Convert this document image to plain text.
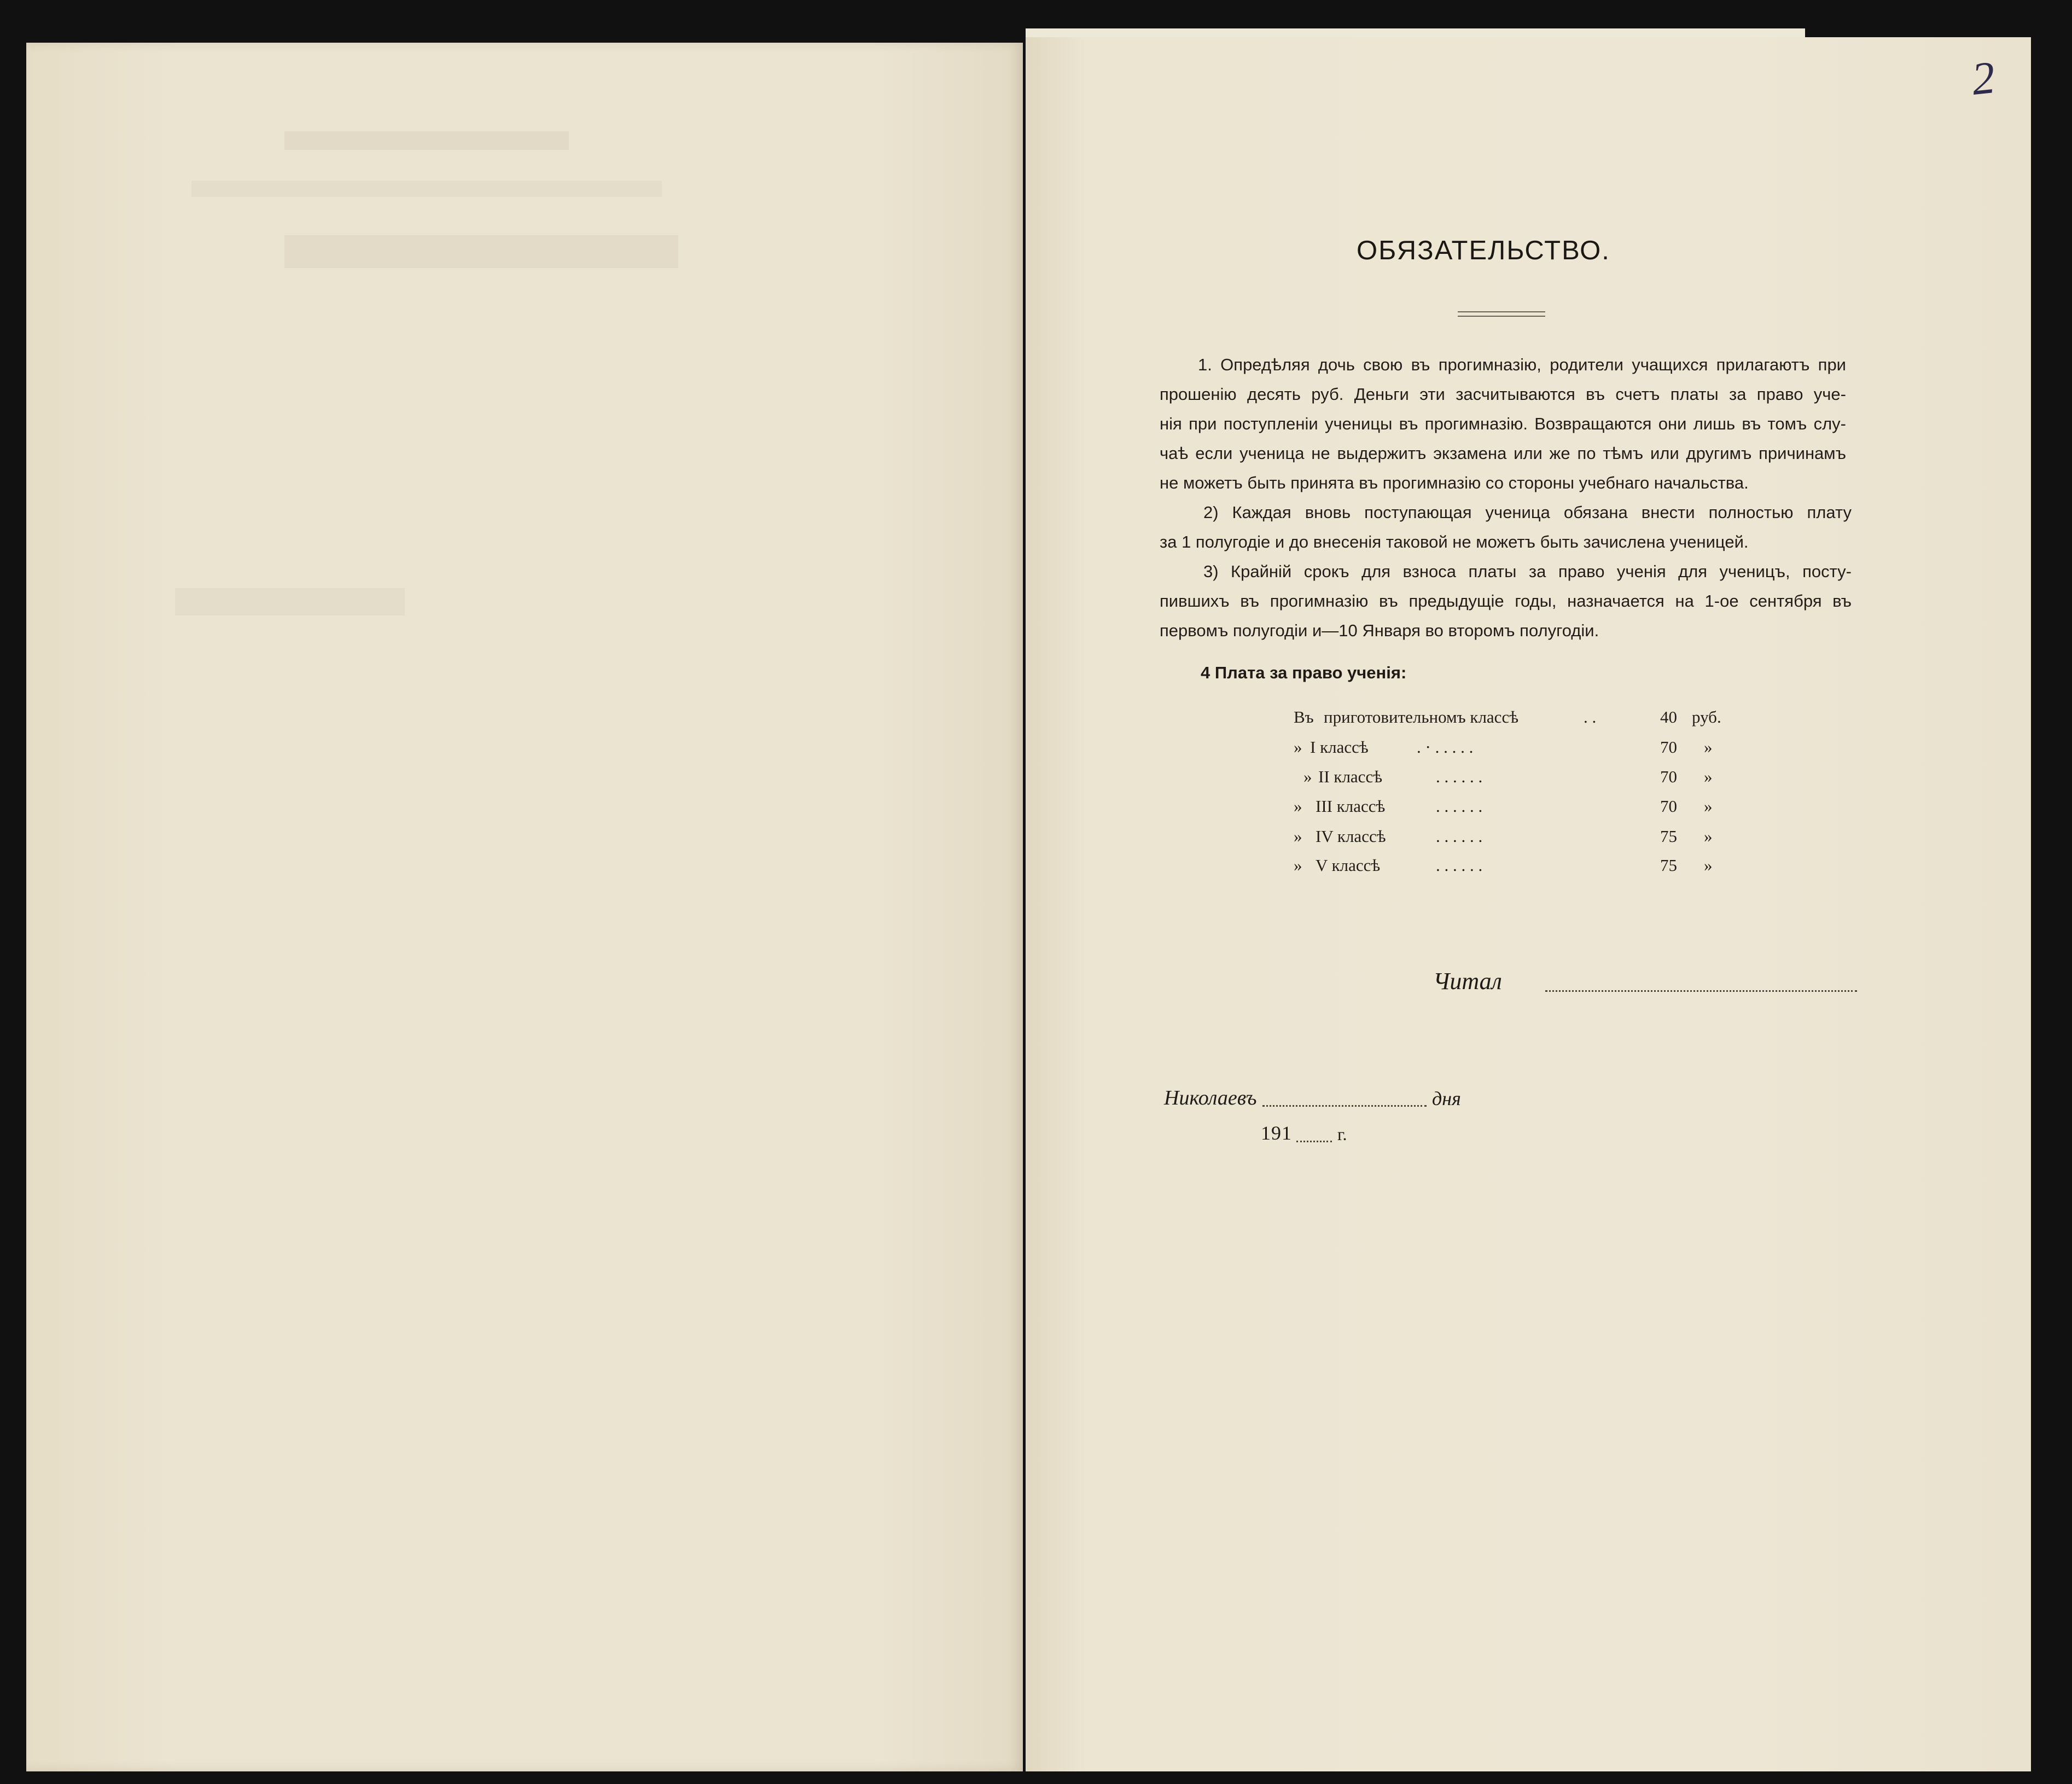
2
ОБЯЗАТЕЛЬСТВО.
1. Опредѣляя дочь свою въ прогимназію, родители учащихся прилагаютъ при
прошенію десять руб. Деньги эти засчитываются въ счетъ платы за право уче-
нія при поступленіи ученицы въ прогимназію. Возвращаются они лишь въ томъ слу-
чаѣ если ученица не выдержитъ экзамена или же по тѣмъ или другимъ причинамъ
не можетъ быть принята въ прогимназію со стороны учебнаго начальства.
2) Каждая вновь поступающая ученица обязана внести полностью плату
за 1 полугодіе и до внесенія таковой не можетъ быть зачислена ученицей.
3) Крайній срокъ для взноса платы за право ученія для ученицъ, посту-
пившихъ въ прогимназію въ предыдущіе годы, назначается на 1-ое сентября въ
первомъ полугодіи и—10 Января во второмъ полугодіи.
4 Плата за право ученія:
Въ приготовительномъ классѣ	. .	40 руб.
» I классѣ	. · . . . . .	70 »
» II классѣ	. . . . . .	70 »
» III классѣ	. . . . . .	70 »
» IV классѣ	. . . . . .	75 »
» V классѣ	. . . . . .	75 »
Читал
Николаевъ	дня
191	г.
